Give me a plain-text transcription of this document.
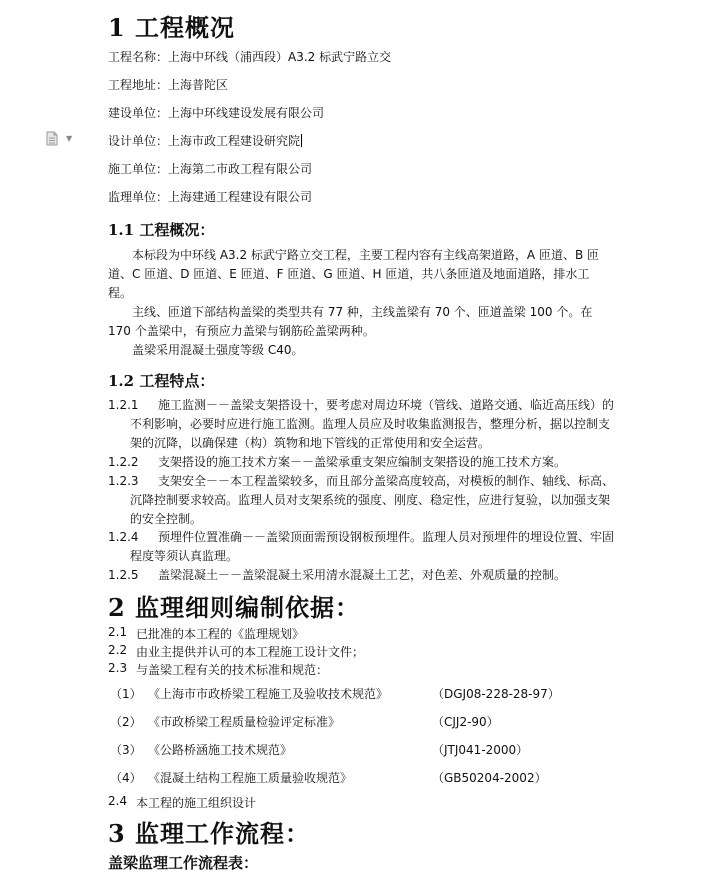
▼
1 工程概况
工程名称：上海中环线（浦西段）A3.2 标武宁路立交
工程地址：上海普陀区
建设单位：上海中环线建设发展有限公司
设计单位：上海市政工程建设研究院
施工单位：上海第二市政工程有限公司
监理单位：上海建通工程建设有限公司
1.1 工程概况：
本标段为中环线 A3.2 标武宁路立交工程，主要工程内容有主线高架道路，A 匝道、B 匝道、C 匝道、D 匝道、E 匝道、F 匝道、G 匝道、H 匝道，共八条匝道及地面道路，排水工程。
主线、匝道下部结构盖梁的类型共有 77 种，主线盖梁有 70 个、匝道盖梁 100 个。在 170 个盖梁中，有预应力盖梁与钢筋砼盖梁两种。
盖梁采用混凝土强度等级 C40。
1.2 工程特点：
1.2.1	施工监测－－盖梁支架搭设十，要考虑对周边环境（管线、道路交通、临近高压线）的不利影响，必要时应进行施工监测。监理人员应及时收集监测报告，整理分析，据以控制支架的沉降，以确保建（构）筑物和地下管线的正常使用和安全运营。
1.2.2	支架搭设的施工技术方案－－盖梁承重支架应编制支架搭设的施工技术方案。
1.2.3	支架安全－－本工程盖梁较多，而且部分盖梁高度较高，对模板的制作、轴线、标高、沉降控制要求较高。监理人员对支架系统的强度、刚度、稳定性，应进行复验，以加强支架的安全控制。
1.2.4	预埋件位置准确－－盖梁顶面需预设钢板预埋件。监理人员对预埋件的埋设位置、牢固程度等须认真监理。
1.2.5	盖梁混凝土－－盖梁混凝土采用清水混凝土工艺，对色差、外观质量的控制。
2 监理细则编制依据：
2.1 已批准的本工程的《监理规划》
2.2 由业主提供并认可的本工程施工设计文件；
2.3 与盖梁工程有关的技术标准和规范：
（1） 《上海市市政桥梁工程施工及验收技术规范》	（DGJ08-228-28-97）
（2） 《市政桥梁工程质量检验评定标准》	（CJJ2-90）
（3） 《公路桥涵施工技术规范》	（JTJ041-2000）
（4） 《混凝土结构工程施工质量验收规范》	（GB50204-2002）
2.4 本工程的施工组织设计
3 监理工作流程：
盖梁监理工作流程表：
